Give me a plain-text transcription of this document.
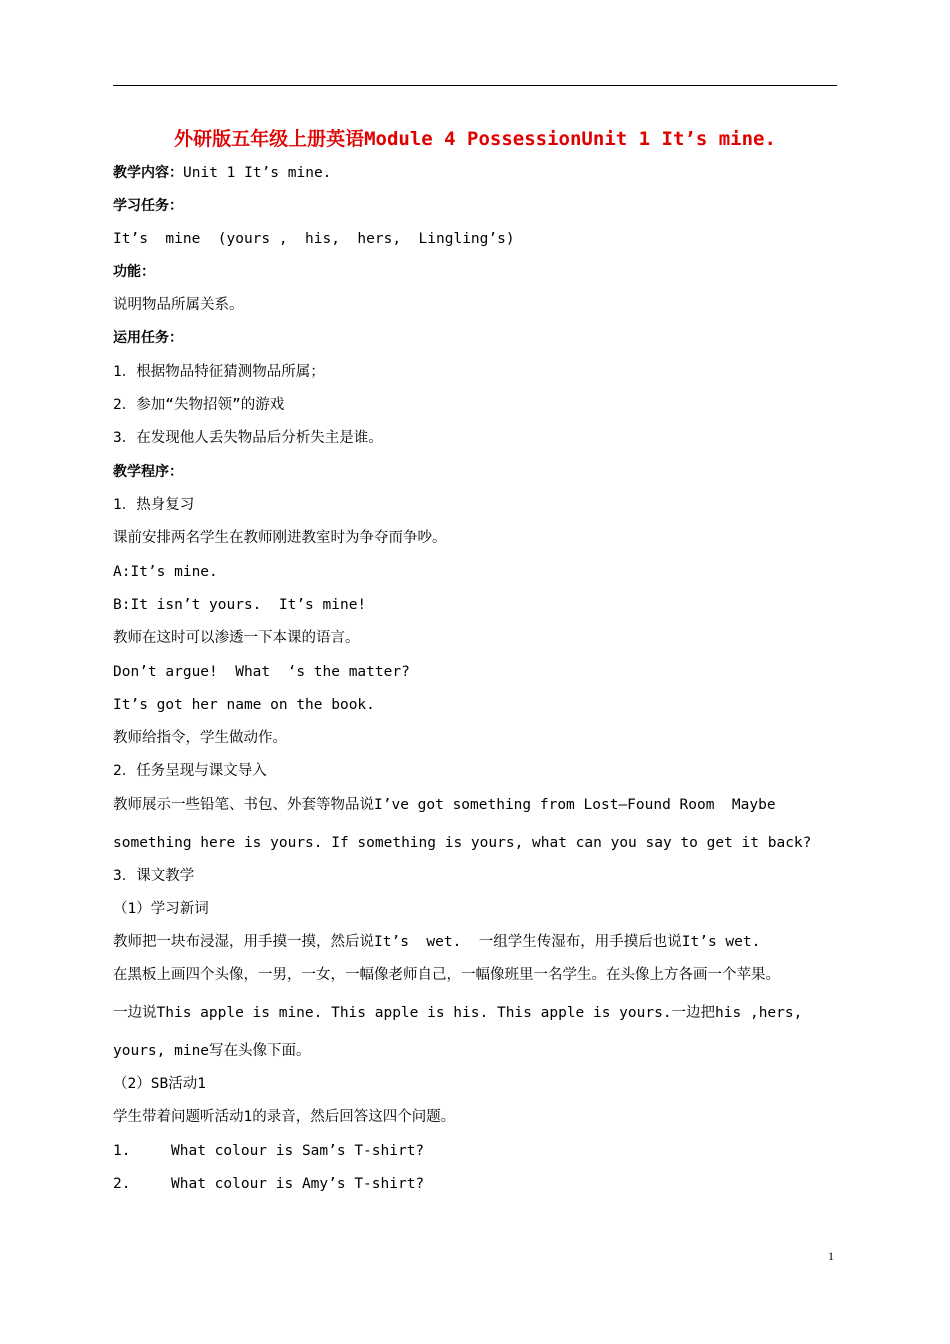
外研版五年级上册英语Module 4 PossessionUnit 1 It’s mine.
教学内容：Unit 1 It’s mine.
学习任务：
It’s  mine  (yours ,  his,  hers,  Lingling’s)
功能：
说明物品所属关系。
运用任务：
1．根据物品特征猜测物品所属；
2．参加“失物招领”的游戏
3．在发现他人丢失物品后分析失主是谁。
教学程序：
1．热身复习
课前安排两名学生在教师刚进教室时为争夺而争吵。
A:It’s mine.
B:It isn’t yours.  It’s mine!
教师在这时可以渗透一下本课的语言。
Don’t argue!  What  ‘s the matter?
It’s got her name on the book.
教师给指令，学生做动作。
2．任务呈现与课文导入
教师展示一些铅笔、书包、外套等物品说I’ve got something from Lost—Found Room  Maybe
something here is yours. If something is yours, what can you say to get it back?
3．课文教学
（1）学习新词
教师把一块布浸湿，用手摸一摸，然后说It’s  wet.  一组学生传湿布，用手摸后也说It’s wet.
在黑板上画四个头像，一男，一女，一幅像老师自己，一幅像班里一名学生。在头像上方各画一个苹果。
一边说This apple is mine. This apple is his. This apple is yours.一边把his ,hers,
yours, mine写在头像下面。
（2）SB活动1
学生带着问题听活动1的录音，然后回答这四个问题。
1.	What colour is Sam’s T-shirt?
2.	What colour is Amy’s T-shirt?
1
